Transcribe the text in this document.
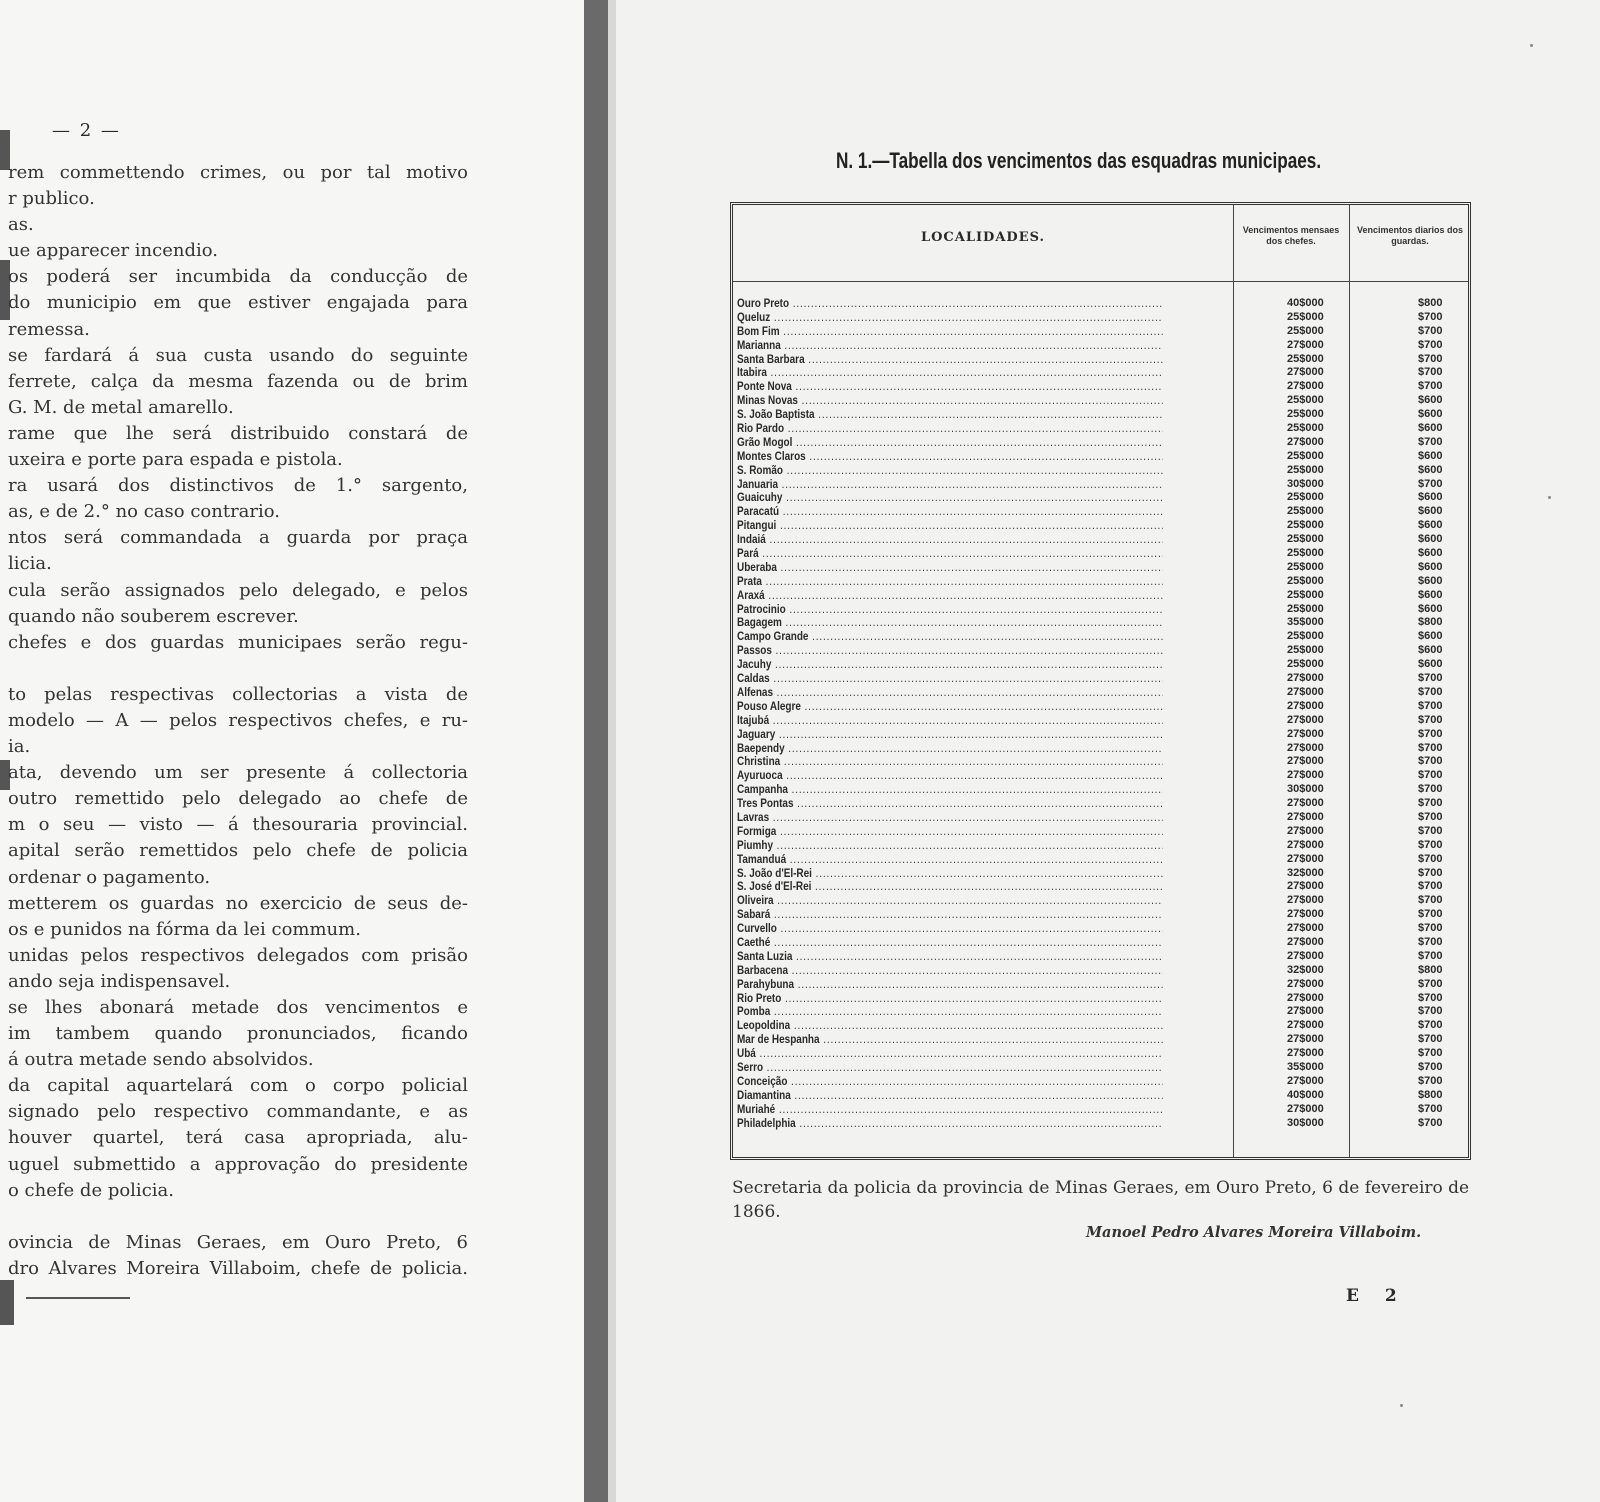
— 2 —
rem commettendo crimes, ou por tal motivo
r publico.
as.
ue apparecer incendio.
os poderá ser incumbida da conducção de
do municipio em que estiver engajada para
remessa.
se fardará á sua custa usando do seguinte
ferrete, calça da mesma fazenda ou de brim
G. M. de metal amarello.
rame que lhe será distribuido constará de
uxeira e porte para espada e pistola.
ra usará dos distinctivos de 1.° sargento,
as, e de 2.° no caso contrario.
ntos será commandada a guarda por praça
licia.
cula serão assignados pelo delegado, e pelos
quando não souberem escrever.
chefes e dos guardas municipaes serão regu-

to pelas respectivas collectorias a vista de
modelo — A — pelos respectivos chefes, e ru-
ia.
ata, devendo um ser presente á collectoria
outro remettido pelo delegado ao chefe de
m o seu — visto — á thesouraria provincial.
apital serão remettidos pelo chefe de policia
ordenar o pagamento.
metterem os guardas no exercicio de seus de-
os e punidos na fórma da lei commum.
unidas pelos respectivos delegados com prisão
ando seja indispensavel.
se lhes abonará metade dos vencimentos e
im tambem quando pronunciados, ficando
á outra metade sendo absolvidos.
da capital aquartelará com o corpo policial
signado pelo respectivo commandante, e as
houver quartel, terá casa apropriada, alu-
uguel submettido a approvação do presidente
o chefe de policia.

ovincia de Minas Geraes, em Ouro Preto, 6
dro Alvares Moreira Villaboim, chefe de policia.
N. 1.—Tabella dos vencimentos das esquadras municipaes.
LOCALIDADES.	Vencimentos mensaes dos chefes.
Vencimentos diarios dos guardas.
Ouro Preto .....	40$000	$800
Queluz .....	25$000	$700
Bom Fim .....	25$000	$700
Marianna .....	27$000	$700
Santa Barbara .....	25$000	$700
Itabira .....	27$000	$700
Ponte Nova .....	27$000	$700
Minas Novas .....	25$000	$600
S. João Baptista .....	25$000	$600
Rio Pardo .....	25$000	$600
Grão Mogol .....	27$000	$700
Montes Claros .....	25$000	$600
S. Romão .....	25$000	$600
Januaria .....	30$000	$700
Guaicuhy .....	25$000	$600
Paracatú .....	25$000	$600
Pitangui .....	25$000	$600
Indaiá .....	25$000	$600
Pará .....	25$000	$600
Uberaba .....	25$000	$600
Prata .....	25$000	$600
Araxá .....	25$000	$600
Patrocinio .....	25$000	$600
Bagagem .....	35$000	$800
Campo Grande .....	25$000	$600
Passos .....	25$000	$600
Jacuhy .....	25$000	$600
Caldas .....	27$000	$700
Alfenas .....	27$000	$700
Pouso Alegre .....	27$000	$700
Itajubá .....	27$000	$700
Jaguary .....	27$000	$700
Baependy .....	27$000	$700
Christina .....	27$000	$700
Ayuruoca .....	27$000	$700
Campanha .....	30$000	$700
Tres Pontas .....	27$000	$700
Lavras .....	27$000	$700
Formiga .....	27$000	$700
Piumhy .....	27$000	$700
Tamanduá .....	27$000	$700
S. João d'El-Rei .....	32$000	$700
S. José d'El-Rei .....	27$000	$700
Oliveira .....	27$000	$700
Sabará .....	27$000	$700
Curvello .....	27$000	$700
Caethé .....	27$000	$700
Santa Luzia .....	27$000	$700
Barbacena .....	32$000	$800
Parahybuna .....	27$000	$700
Rio Preto .....	27$000	$700
Pomba .....	27$000	$700
Leopoldina .....	27$000	$700
Mar de Hespanha .....	27$000	$700
Ubá .....	27$000	$700
Serro .....	35$000	$700
Conceição .....	27$000	$700
Diamantina .....	40$000	$800
Muriahé .....	27$000	$700
Philadelphia .....	30$000	$700
Secretaria da policia da provincia de Minas Geraes, em Ouro Preto, 6 de fevereiro de 1866.
Manoel Pedro Alvares Moreira Villaboim.
E 2
